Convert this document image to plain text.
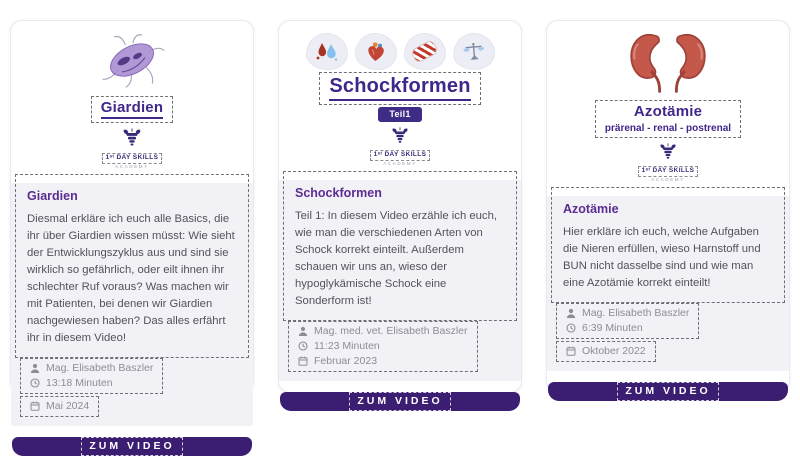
Giardien
1ˢᵗ DAY SKILLS
ACADEMY
Giardien

Diesmal erkläre ich euch alle Basics, die ihr über Giardien wissen müsst: Wie sieht der Entwicklungszyklus aus und sind sie wirklich so gefährlich, oder eilt ihnen ihr schlechter Ruf voraus? Was machen wir mit Patienten, bei denen wir Giardien nachgewiesen haben? Das alles erfährt ihr in diesem Video!

Mag. Elisabeth Baszler
13:18 Minuten
Mai 2024
ZUM VIDEO
Schockformen
Teil1
1ˢᵗ DAY SKILLS
ACADEMY
Schockformen

Teil 1: In diesem Video erzähle ich euch, wie man die verschiedenen Arten von Schock korrekt einteilt. Außerdem schauen wir uns an, wieso der hypoglykämische Schock eine Sonderform ist!

Mag. med. vet. Elisabeth Baszler
11:23 Minuten
Februar 2023
ZUM VIDEO
Azotämie
prärenal - renal - postrenal
1ˢᵗ DAY SKILLS
ACADEMY
Azotämie

Hier erkläre ich euch, welche Aufgaben die Nieren erfüllen, wieso Harnstoff und BUN nicht dasselbe sind und wie man eine Azotämie korrekt einteilt!

Mag. Elisabeth Baszler
6:39 Minuten
Oktober 2022
ZUM VIDEO
